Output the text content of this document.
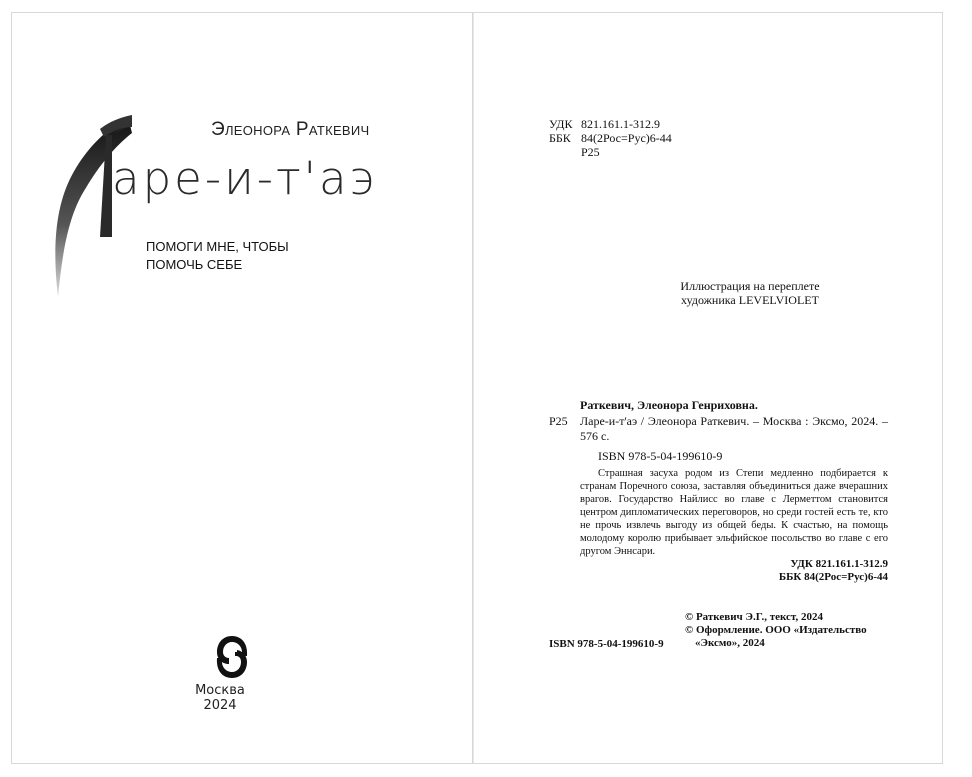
Элеонора Раткевич
аре-и-т'аэ
ПОМОГИ МНЕ, ЧТОБЫ
ПОМОЧЬ СЕБЕ
Москва
2024
УДК 821.161.1-312.9
ББК 84(2Рос=Рус)6-44
Р25
Иллюстрация на переплете
художника LEVELVIOLET
Раткевич, Элеонора Генриховна.
Р25 Ларе-и-т'аэ / Элеонора Раткевич. – Москва : Эксмо, 2024. – 576 с.
ISBN 978-5-04-199610-9
Страшная засуха родом из Степи медленно подбирается к странам Поречного союза, заставляя объединиться даже вчерашних врагов. Государство Найлисс во главе с Лерметтом становится центром дипломатических переговоров, но среди гостей есть те, кто не прочь извлечь выгоду из общей беды. К счастью, на помощь молодому королю прибывает эльфийское посольство во главе с его другом Эннсари.
УДК 821.161.1-312.9
ББК 84(2Рос=Рус)6-44
© Раткевич Э.Г., текст, 2024
© Оформление. ООО «Издательство
«Эксмо», 2024
ISBN 978-5-04-199610-9
